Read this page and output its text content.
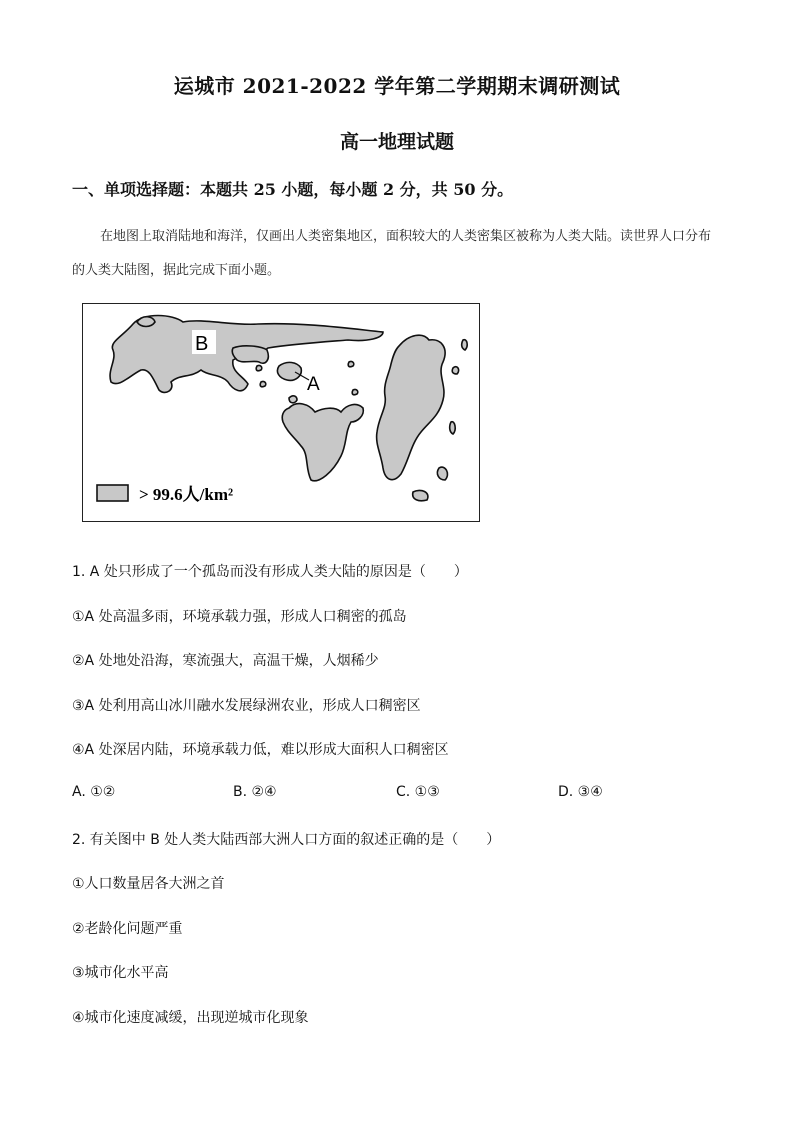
运城市 2021-2022 学年第二学期期末调研测试
高一地理试题
一、单项选择题：本题共 25 小题，每小题 2 分，共 50 分。
在地图上取消陆地和海洋，仅画出人类密集地区，面积较大的人类密集区被称为人类大陆。读世界人口分布的人类大陆图，据此完成下面小题。
B
A
> 99.6人/km²
1. A 处只形成了一个孤岛而没有形成人类大陆的原因是（　　）
①A 处高温多雨，环境承载力强，形成人口稠密的孤岛
②A 处地处沿海，寒流强大，高温干燥，人烟稀少
③A 处利用高山冰川融水发展绿洲农业，形成人口稠密区
④A 处深居内陆，环境承载力低，难以形成大面积人口稠密区
A. ①②	B. ②④	C. ①③	D. ③④
2. 有关图中 B 处人类大陆西部大洲人口方面的叙述正确的是（　　）
①人口数量居各大洲之首
②老龄化问题严重
③城市化水平高
④城市化速度减缓，出现逆城市化现象
